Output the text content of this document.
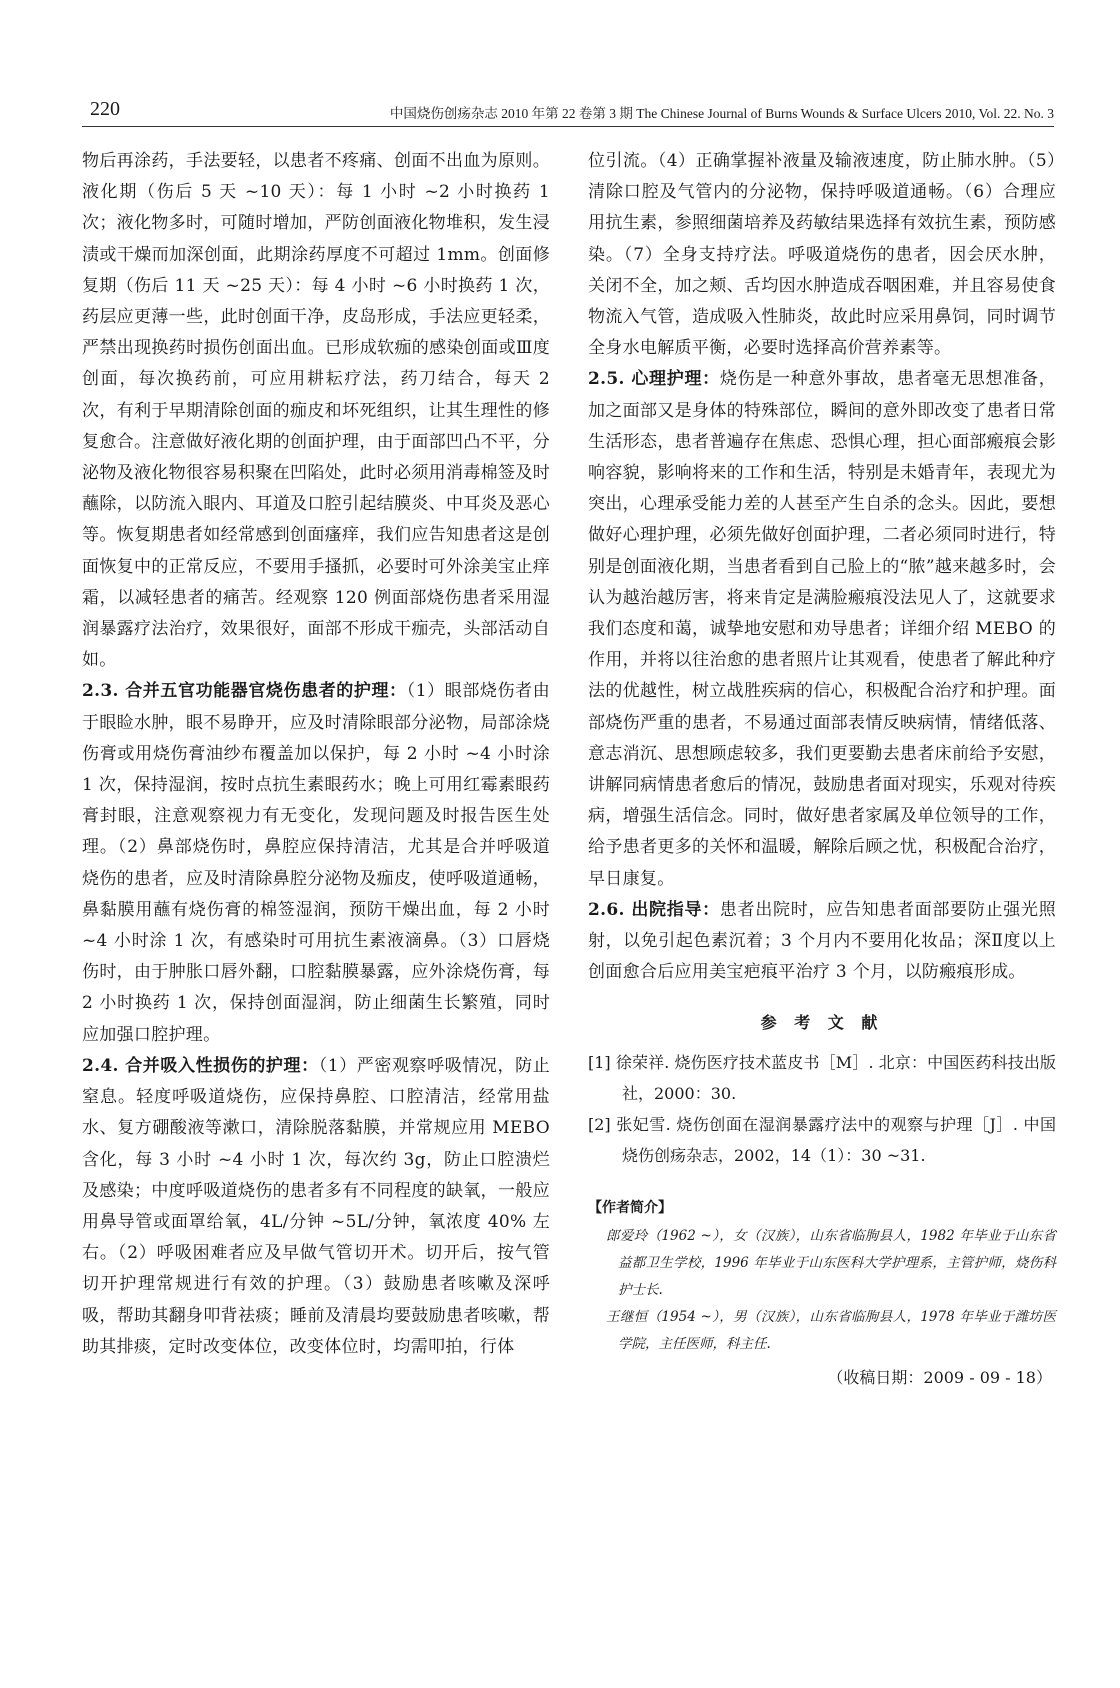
220	中国烧伤创疡杂志 2010 年第 22 卷第 3 期 The Chinese Journal of Burns Wounds & Surface Ulcers 2010, Vol. 22. No. 3

物后再涂药，手法要轻，以患者不疼痛、创面不出血为原则。液化期（伤后 5 天 ~10 天）：每 1 小时 ~2 小时换药 1 次；液化物多时，可随时增加，严防创面液化物堆积，发生浸渍或干燥而加深创面，此期涂药厚度不可超过 1mm。创面修复期（伤后 11 天 ~25 天）：每 4 小时 ~6 小时换药 1 次，药层应更薄一些，此时创面干净，皮岛形成，手法应更轻柔，严禁出现换药时损伤创面出血。已形成软痂的感染创面或Ⅲ度创面，每次换药前，可应用耕耘疗法，药刀结合，每天 2 次，有利于早期清除创面的痂皮和坏死组织，让其生理性的修复愈合。注意做好液化期的创面护理，由于面部凹凸不平，分泌物及液化物很容易积聚在凹陷处，此时必须用消毒棉签及时蘸除，以防流入眼内、耳道及口腔引起结膜炎、中耳炎及恶心等。恢复期患者如经常感到创面瘙痒，我们应告知患者这是创面恢复中的正常反应，不要用手搔抓，必要时可外涂美宝止痒霜，以减轻患者的痛苦。经观察 120 例面部烧伤患者采用湿润暴露疗法治疗，效果很好，面部不形成干痂壳，头部活动自如。

2.3. 合并五官功能器官烧伤患者的护理：（1）眼部烧伤者由于眼睑水肿，眼不易睁开，应及时清除眼部分泌物，局部涂烧伤膏或用烧伤膏油纱布覆盖加以保护，每 2 小时 ~4 小时涂 1 次，保持湿润，按时点抗生素眼药水；晚上可用红霉素眼药膏封眼，注意观察视力有无变化，发现问题及时报告医生处理。（2）鼻部烧伤时，鼻腔应保持清洁，尤其是合并呼吸道烧伤的患者，应及时清除鼻腔分泌物及痂皮，使呼吸道通畅，鼻黏膜用蘸有烧伤膏的棉签湿润，预防干燥出血，每 2 小时 ~4 小时涂 1 次，有感染时可用抗生素液滴鼻。（3）口唇烧伤时，由于肿胀口唇外翻，口腔黏膜暴露，应外涂烧伤膏，每 2 小时换药 1 次，保持创面湿润，防止细菌生长繁殖，同时应加强口腔护理。

2.4. 合并吸入性损伤的护理：（1）严密观察呼吸情况，防止窒息。轻度呼吸道烧伤，应保持鼻腔、口腔清洁，经常用盐水、复方硼酸液等漱口，清除脱落黏膜，并常规应用 MEBO 含化，每 3 小时 ~4 小时 1 次，每次约 3g，防止口腔溃烂及感染；中度呼吸道烧伤的患者多有不同程度的缺氧，一般应用鼻导管或面罩给氧，4L/分钟 ~5L/分钟，氧浓度 40% 左右。（2）呼吸困难者应及早做气管切开术。切开后，按气管切开护理常规进行有效的护理。（3）鼓励患者咳嗽及深呼吸，帮助其翻身叩背祛痰；睡前及清晨均要鼓励患者咳嗽，帮助其排痰，定时改变体位，改变体位时，均需叩拍，行体

位引流。（4）正确掌握补液量及输液速度，防止肺水肿。（5）清除口腔及气管内的分泌物，保持呼吸道通畅。（6）合理应用抗生素，参照细菌培养及药敏结果选择有效抗生素，预防感染。（7）全身支持疗法。呼吸道烧伤的患者，因会厌水肿，关闭不全，加之颊、舌均因水肿造成吞咽困难，并且容易使食物流入气管，造成吸入性肺炎，故此时应采用鼻饲，同时调节全身水电解质平衡，必要时选择高价营养素等。

2.5. 心理护理：烧伤是一种意外事故，患者毫无思想准备，加之面部又是身体的特殊部位，瞬间的意外即改变了患者日常生活形态，患者普遍存在焦虑、恐惧心理，担心面部瘢痕会影响容貌，影响将来的工作和生活，特别是未婚青年，表现尤为突出，心理承受能力差的人甚至产生自杀的念头。因此，要想做好心理护理，必须先做好创面护理，二者必须同时进行，特别是创面液化期，当患者看到自己脸上的“脓”越来越多时，会认为越治越厉害，将来肯定是满脸瘢痕没法见人了，这就要求我们态度和蔼，诚挚地安慰和劝导患者；详细介绍 MEBO 的作用，并将以往治愈的患者照片让其观看，使患者了解此种疗法的优越性，树立战胜疾病的信心，积极配合治疗和护理。面部烧伤严重的患者，不易通过面部表情反映病情，情绪低落、意志消沉、思想顾虑较多，我们更要勤去患者床前给予安慰，讲解同病情患者愈后的情况，鼓励患者面对现实，乐观对待疾病，增强生活信念。同时，做好患者家属及单位领导的工作，给予患者更多的关怀和温暖，解除后顾之忧，积极配合治疗，早日康复。

2.6. 出院指导：患者出院时，应告知患者面部要防止强光照射，以免引起色素沉着；3 个月内不要用化妆品；深Ⅱ度以上创面愈合后应用美宝疤痕平治疗 3 个月，以防瘢痕形成。

参 考 文 献

[1] 徐荣祥. 烧伤医疗技术蓝皮书［M］. 北京：中国医药科技出版社，2000：30.

[2] 张妃雪. 烧伤创面在湿润暴露疗法中的观察与护理［J］. 中国烧伤创疡杂志，2002，14（1）：30 ~31.

【作者简介】

郎爱玲（1962 ~），女（汉族），山东省临朐县人，1982 年毕业于山东省益都卫生学校，1996 年毕业于山东医科大学护理系，主管护师，烧伤科护士长.

王继恒（1954 ~），男（汉族），山东省临朐县人，1978 年毕业于潍坊医学院，主任医师，科主任.

（收稿日期：2009 - 09 - 18）
